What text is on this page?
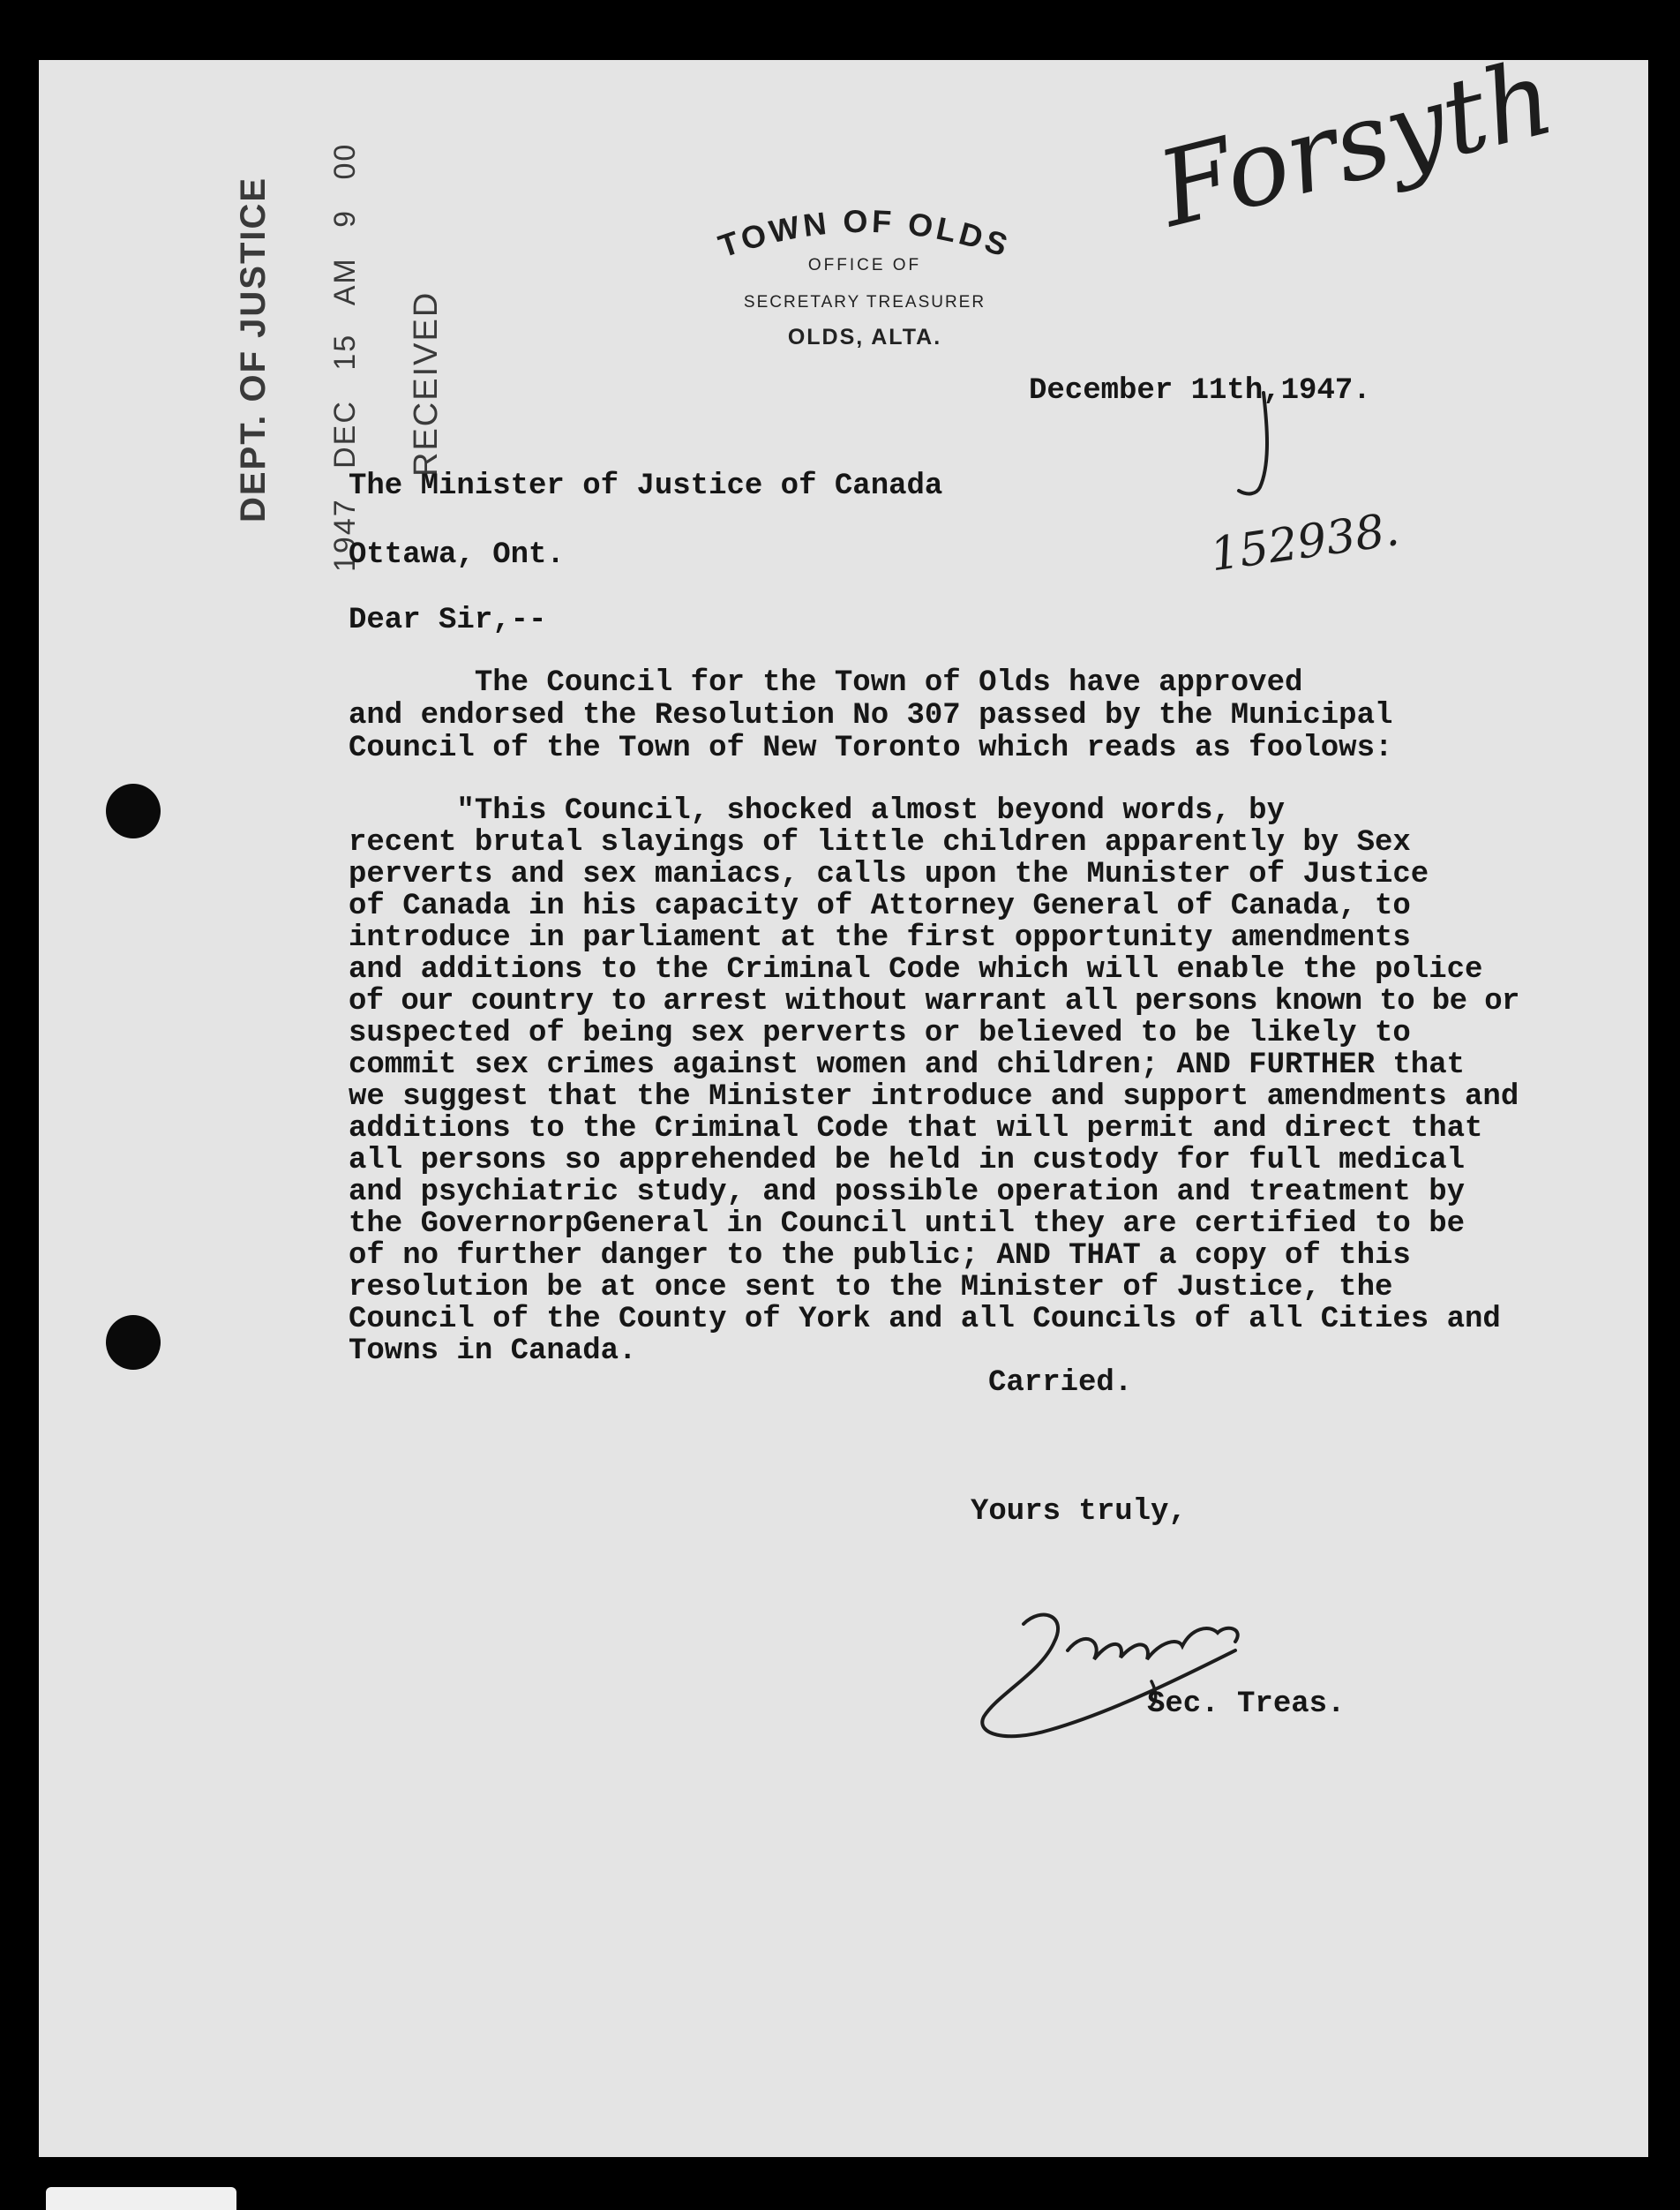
TOWN OF OLDS
OFFICE OF
SECRETARY TREASURER
OLDS, ALTA.
DEPT. OF JUSTICE 1947 DEC 15 AM 9 00 RECEIVED
Forsyth
152938.
December 11th,1947.
The Minister of Justice of Canada
Ottawa, Ont.
Dear Sir,--
The Council for the Town of Olds have approved
and endorsed the Resolution No 307 passed by the Municipal
Council of the Town of New Toronto which reads as foolows:
"This Council, shocked almost beyond words, by
recent brutal slayings of little children apparently by Sex
perverts and sex maniacs, calls upon the Munister of Justice
of Canada in his capacity of Attorney General of Canada, to
introduce in parliament at the first opportunity amendments
and additions to the Criminal Code which will enable the police
of our country to arrest without warrant all persons known to be or
suspected of being sex perverts or believed to be likely to
commit sex crimes against women and children; AND FURTHER that
we suggest that the Minister introduce and support amendments and
additions to the Criminal Code that will permit and direct that
all persons so apprehended be held in custody for full medical
and psychiatric study, and possible operation and treatment by
the GovernorpGeneral in Council until they are certified to be
of no further danger to the public; AND THAT a copy of this
resolution be at once sent to the Minister of Justice, the
Council of the County of York and all Councils of all Cities and
Towns in Canada.
Carried.
Yours truly,
Sec. Treas.
